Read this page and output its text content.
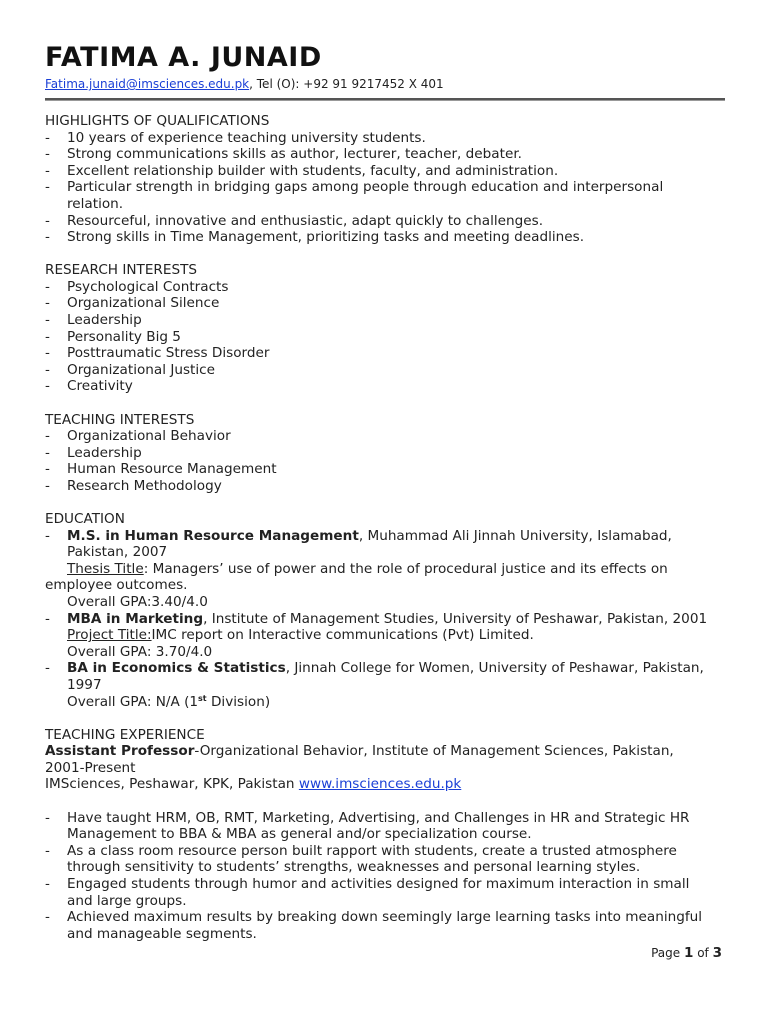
FATIMA A. JUNAID
Fatima.junaid@imsciences.edu.pk, Tel (O): +92 91 9217452 X 401
HIGHLIGHTS OF QUALIFICATIONS
- 10 years of experience teaching university students.
- Strong communications skills as author, lecturer, teacher, debater.
- Excellent relationship builder with students, faculty, and administration.
- Particular strength in bridging gaps among people through education and interpersonal relation.
- Resourceful, innovative and enthusiastic, adapt quickly to challenges.
- Strong skills in Time Management, prioritizing tasks and meeting deadlines.
RESEARCH INTERESTS
- Psychological Contracts
- Organizational Silence
- Leadership
- Personality Big 5
- Posttraumatic Stress Disorder
- Organizational Justice
- Creativity
TEACHING INTERESTS
- Organizational Behavior
- Leadership
- Human Resource Management
- Research Methodology
EDUCATION
- M.S. in Human Resource Management, Muhammad Ali Jinnah University, Islamabad, Pakistan, 2007
Thesis Title: Managers’ use of power and the role of procedural justice and its effects on
employee outcomes.
Overall GPA:3.40/4.0
- MBA in Marketing, Institute of Management Studies, University of Peshawar, Pakistan, 2001
Project Title:IMC report on Interactive communications (Pvt) Limited.
Overall GPA: 3.70/4.0
- BA in Economics & Statistics, Jinnah College for Women, University of Peshawar, Pakistan, 1997
Overall GPA: N/A (1st Division)
TEACHING EXPERIENCE
Assistant Professor-Organizational Behavior, Institute of Management Sciences, Pakistan, 2001-Present
IMSciences, Peshawar, KPK, Pakistan www.imsciences.edu.pk
- Have taught HRM, OB, RMT, Marketing, Advertising, and Challenges in HR and Strategic HR Management to BBA & MBA as general and/or specialization course.
- As a class room resource person built rapport with students, create a trusted atmosphere through sensitivity to students’ strengths, weaknesses and personal learning styles.
- Engaged students through humor and activities designed for maximum interaction in small and large groups.
- Achieved maximum results by breaking down seemingly large learning tasks into meaningful and manageable segments.
Page 1 of 3
